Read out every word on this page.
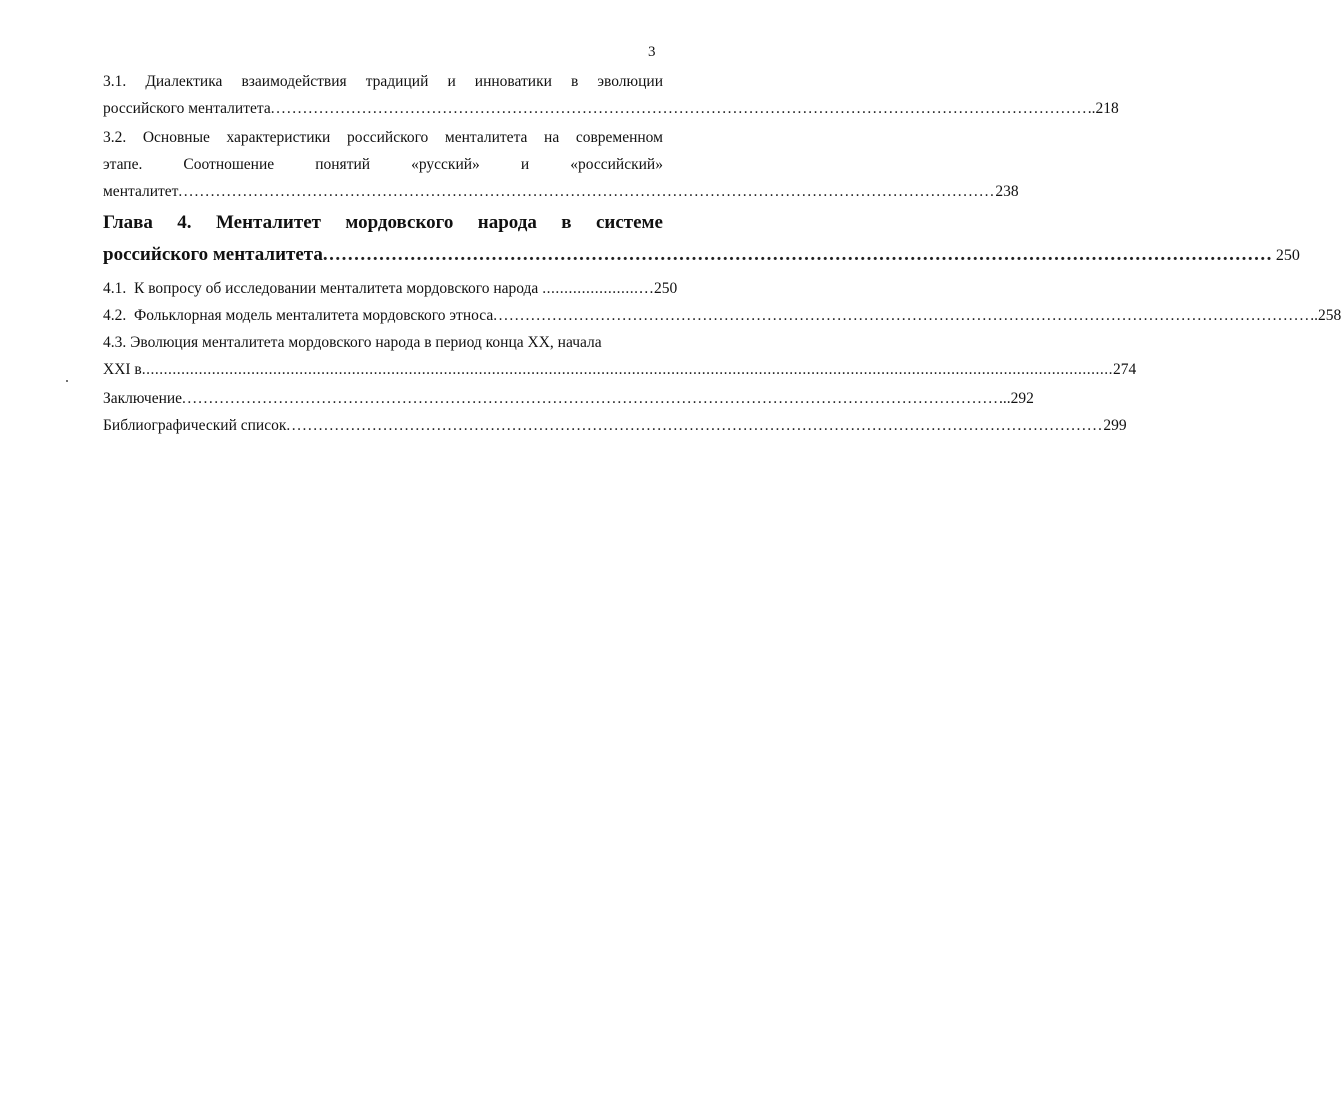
3
3.1. Диалектика взаимодействия традиций и инноватики в эволюции
российского менталитета ........................................................................................................................................................ ..218
3.2. Основные характеристики российского менталитета на современном
этапе.	Соотношение	понятий	«русский»	и	«российский»
менталитет ........................................................................................................................................................ 238
Глава 4. Менталитет мордовского народа в системе
российского менталитета ........................................................................................................................................................ 250
4.1.  К вопросу об исследовании менталитета мордовского народа ...................... …250
4.2.  Фольклорная модель менталитета мордовского этноса ........................................................................................................................................................ ..258
4.3. Эволюция менталитета мордовского народа в период конца XX, начала
XXI в .............................................................................................................................................................................................................................. 274
Заключение ........................................................................................................................................................ ...292
Библиографический список ........................................................................................................................................................ 299
